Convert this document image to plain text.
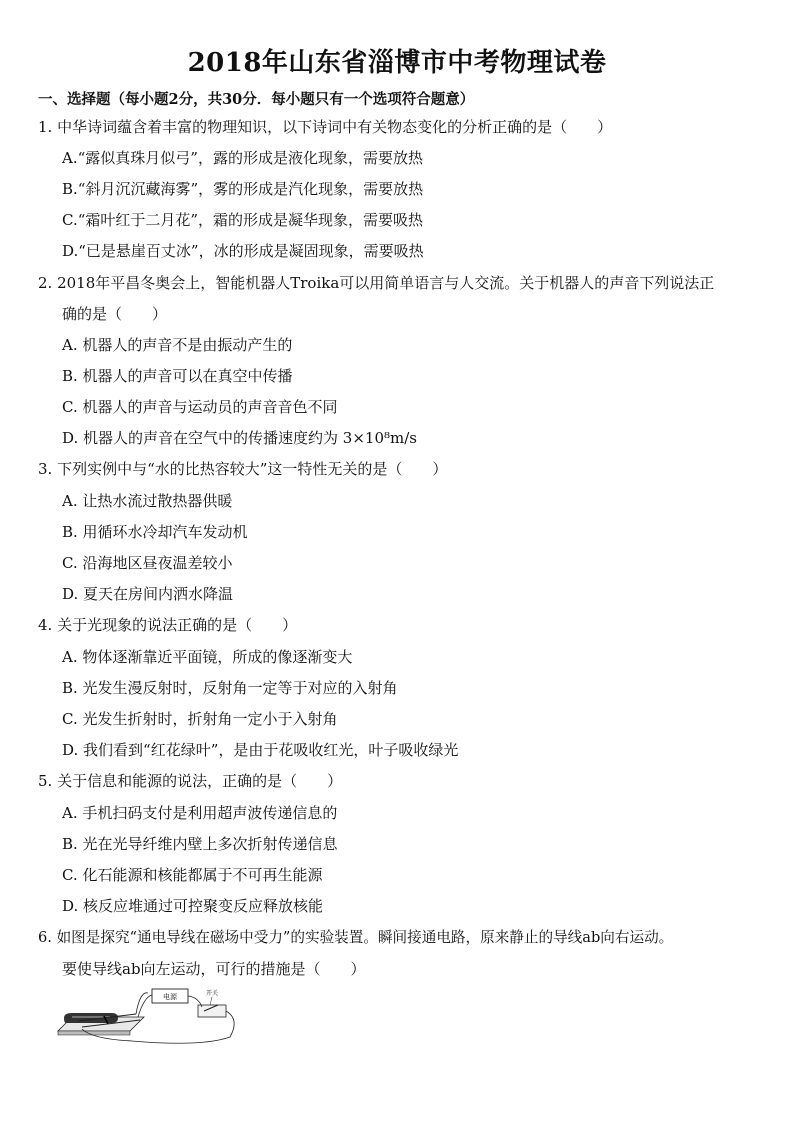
2018年山东省淄博市中考物理试卷
一、选择题（每小题2分，共30分．每小题只有一个选项符合题意）
1. 中华诗词蕴含着丰富的物理知识，以下诗词中有关物态变化的分析正确的是（　　）
A.“露似真珠月似弓”，露的形成是液化现象，需要放热
B.“斜月沉沉藏海雾”，雾的形成是汽化现象，需要放热
C.“霜叶红于二月花”，霜的形成是凝华现象，需要吸热
D.“已是悬崖百丈冰”，冰的形成是凝固现象，需要吸热
2. 2018年平昌冬奥会上，智能机器人Troika可以用简单语言与人交流。关于机器人的声音下列说法正
确的是（　　）
A. 机器人的声音不是由振动产生的
B. 机器人的声音可以在真空中传播
C. 机器人的声音与运动员的声音音色不同
D. 机器人的声音在空气中的传播速度约为 3×10⁸m/s
3. 下列实例中与“水的比热容较大”这一特性无关的是（　　）
A. 让热水流过散热器供暖
B. 用循环水冷却汽车发动机
C. 沿海地区昼夜温差较小
D. 夏天在房间内洒水降温
4. 关于光现象的说法正确的是（　　）
A. 物体逐渐靠近平面镜，所成的像逐渐变大
B. 光发生漫反射时，反射角一定等于对应的入射角
C. 光发生折射时，折射角一定小于入射角
D. 我们看到“红花绿叶”，是由于花吸收红光，叶子吸收绿光
5. 关于信息和能源的说法，正确的是（　　）
A. 手机扫码支付是利用超声波传递信息的
B. 光在光导纤维内壁上多次折射传递信息
C. 化石能源和核能都属于不可再生能源
D. 核反应堆通过可控聚变反应释放核能
6. 如图是探究“通电导线在磁场中受力”的实验装置。瞬间接通电路，原来静止的导线ab向右运动。
要使导线ab向左运动，可行的措施是（　　）
电源	开关
